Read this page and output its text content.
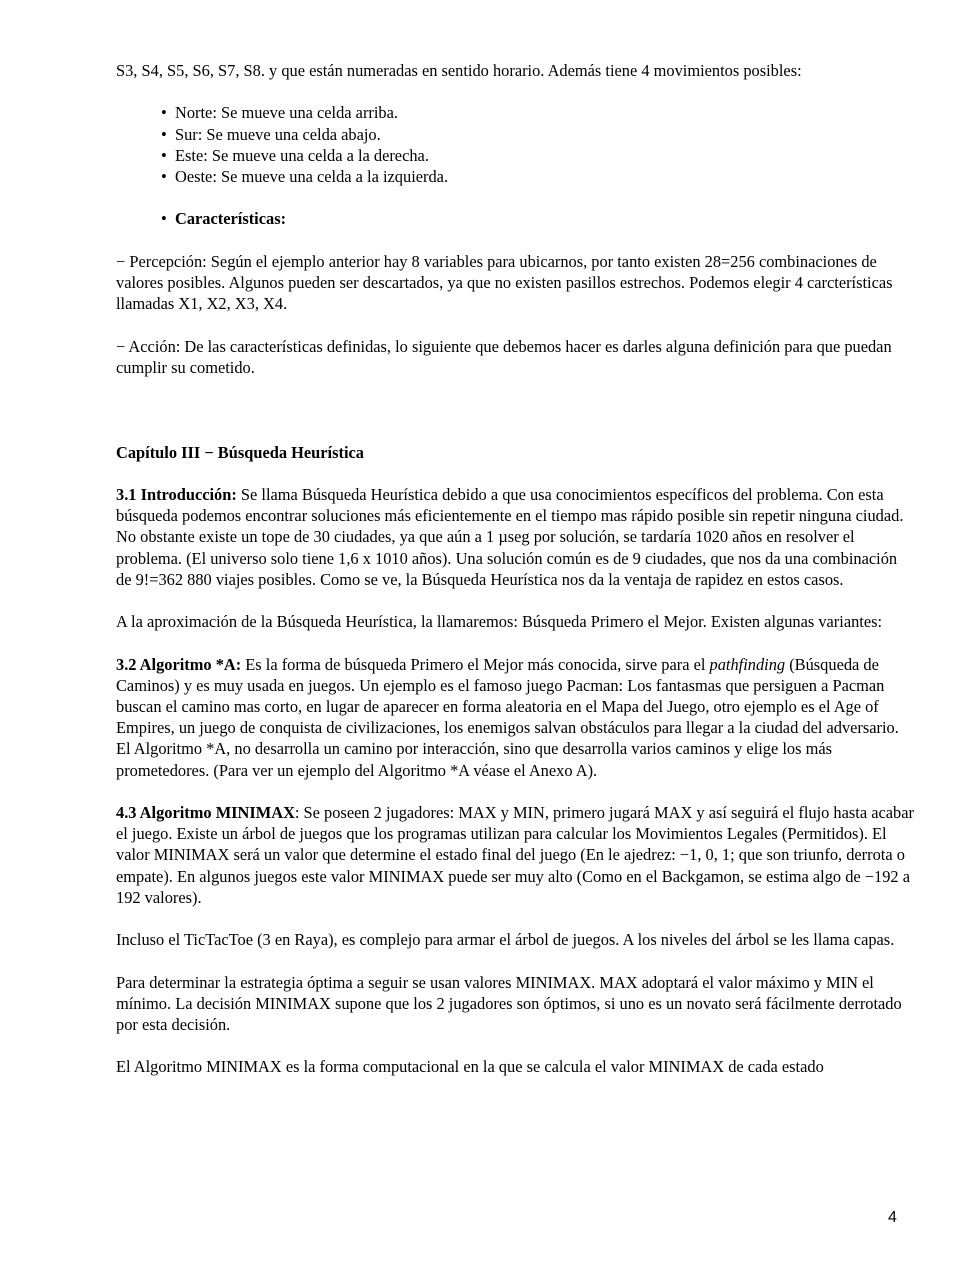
S3, S4, S5, S6, S7, S8. y que están numeradas en sentido horario. Además tiene 4 movimientos posibles:

• Norte: Se mueve una celda arriba.
• Sur: Se mueve una celda abajo.
• Este: Se mueve una celda a la derecha.
• Oeste: Se mueve una celda a la izquierda.
• Características:

− Percepción: Según el ejemplo anterior hay 8 variables para ubicarnos, por tanto existen 28=256 combinaciones de valores posibles. Algunos pueden ser descartados, ya que no existen pasillos estrechos. Podemos elegir 4 carcterísticas llamadas X1, X2, X3, X4.

− Acción: De las características definidas, lo siguiente que debemos hacer es darles alguna definición para que puedan cumplir su cometido.

Capítulo III − Búsqueda Heurística

3.1 Introducción: Se llama Búsqueda Heurística debido a que usa conocimientos específicos del problema. Con esta búsqueda podemos encontrar soluciones más eficientemente en el tiempo mas rápido posible sin repetir ninguna ciudad. No obstante existe un tope de 30 ciudades, ya que aún a 1 µseg por solución, se tardaría 1020 años en resolver el problema. (El universo solo tiene 1,6 x 1010 años). Una solución común es de 9 ciudades, que nos da una combinación de 9!=362 880 viajes posibles. Como se ve, la Búsqueda Heurística nos da la ventaja de rapidez en estos casos.

A la aproximación de la Búsqueda Heurística, la llamaremos: Búsqueda Primero el Mejor. Existen algunas variantes:

3.2 Algoritmo *A: Es la forma de búsqueda Primero el Mejor más conocida, sirve para el pathfinding (Búsqueda de Caminos) y es muy usada en juegos. Un ejemplo es el famoso juego Pacman: Los fantasmas que persiguen a Pacman buscan el camino mas corto, en lugar de aparecer en forma aleatoria en el Mapa del Juego, otro ejemplo es el Age of Empires, un juego de conquista de civilizaciones, los enemigos salvan obstáculos para llegar a la ciudad del adversario. El Algoritmo *A, no desarrolla un camino por interacción, sino que desarrolla varios caminos y elige los más prometedores. (Para ver un ejemplo del Algoritmo *A véase el Anexo A).

4.3 Algoritmo MINIMAX: Se poseen 2 jugadores: MAX y MIN, primero jugará MAX y así seguirá el flujo hasta acabar el juego. Existe un árbol de juegos que los programas utilizan para calcular los Movimientos Legales (Permitidos). El valor MINIMAX será un valor que determine el estado final del juego (En le ajedrez: −1, 0, 1; que son triunfo, derrota o empate). En algunos juegos este valor MINIMAX puede ser muy alto (Como en el Backgamon, se estima algo de −192 a 192 valores).

Incluso el TicTacToe (3 en Raya), es complejo para armar el árbol de juegos. A los niveles del árbol se les llama capas.

Para determinar la estrategia óptima a seguir se usan valores MINIMAX. MAX adoptará el valor máximo y MIN el mínimo. La decisión MINIMAX supone que los 2 jugadores son óptimos, si uno es un novato será fácilmente derrotado por esta decisión.

El Algoritmo MINIMAX es la forma computacional en la que se calcula el valor MINIMAX de cada estado

4
